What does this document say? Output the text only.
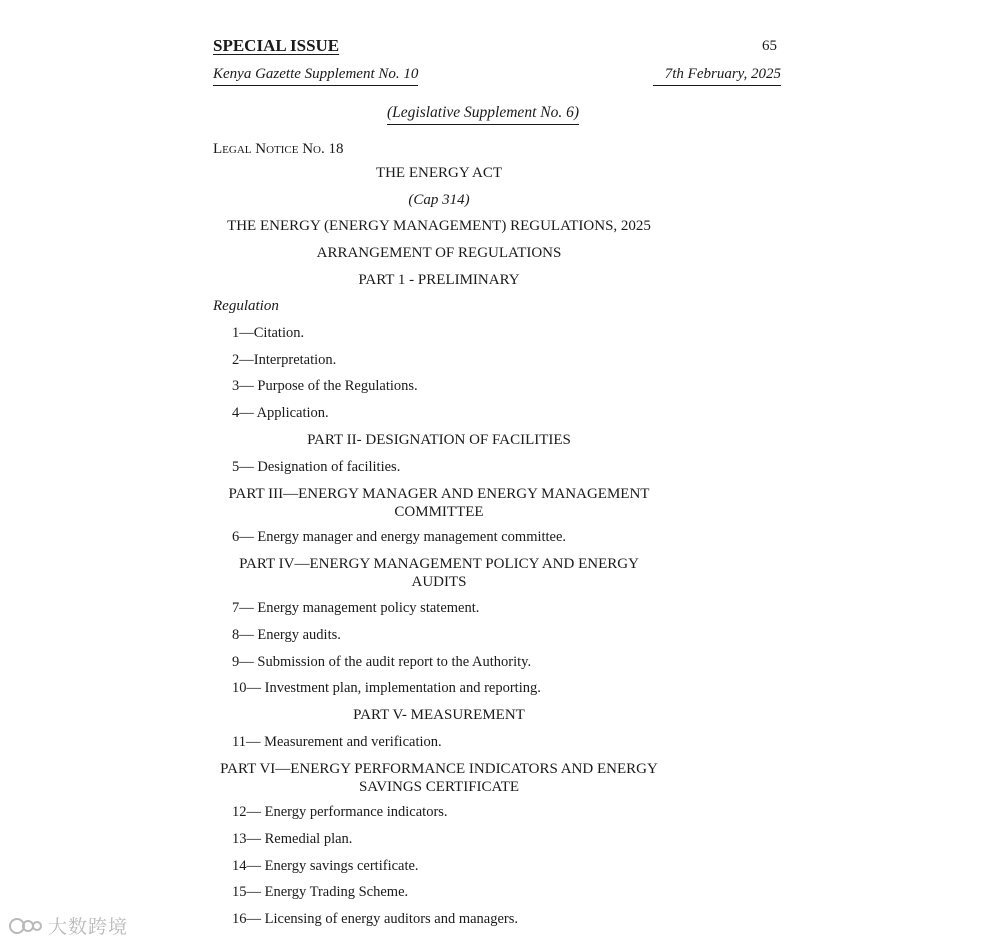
SPECIAL ISSUE	65
Kenya Gazette Supplement No. 10	7th February, 2025
(Legislative Supplement No. 6)
Legal Notice No. 18
THE ENERGY ACT
(Cap 314)
THE ENERGY (ENERGY MANAGEMENT) REGULATIONS, 2025
ARRANGEMENT OF REGULATIONS
PART 1 - PRELIMINARY
Regulation
1—Citation.
2—Interpretation.
3— Purpose of the Regulations.
4— Application.
PART II- DESIGNATION OF FACILITIES
5— Designation of facilities.
PART III—ENERGY MANAGER AND ENERGY MANAGEMENT COMMITTEE
6— Energy manager and energy management committee.
PART IV—ENERGY MANAGEMENT POLICY AND ENERGY AUDITS
7— Energy management policy statement.
8— Energy audits.
9— Submission of the audit report to the Authority.
10— Investment plan, implementation and reporting.
PART V- MEASUREMENT
11— Measurement and verification.
PART VI—ENERGY PERFORMANCE INDICATORS AND ENERGY SAVINGS CERTIFICATE
12— Energy performance indicators.
13— Remedial plan.
14— Energy savings certificate.
15— Energy Trading Scheme.
16— Licensing of energy auditors and managers.
大数跨境
